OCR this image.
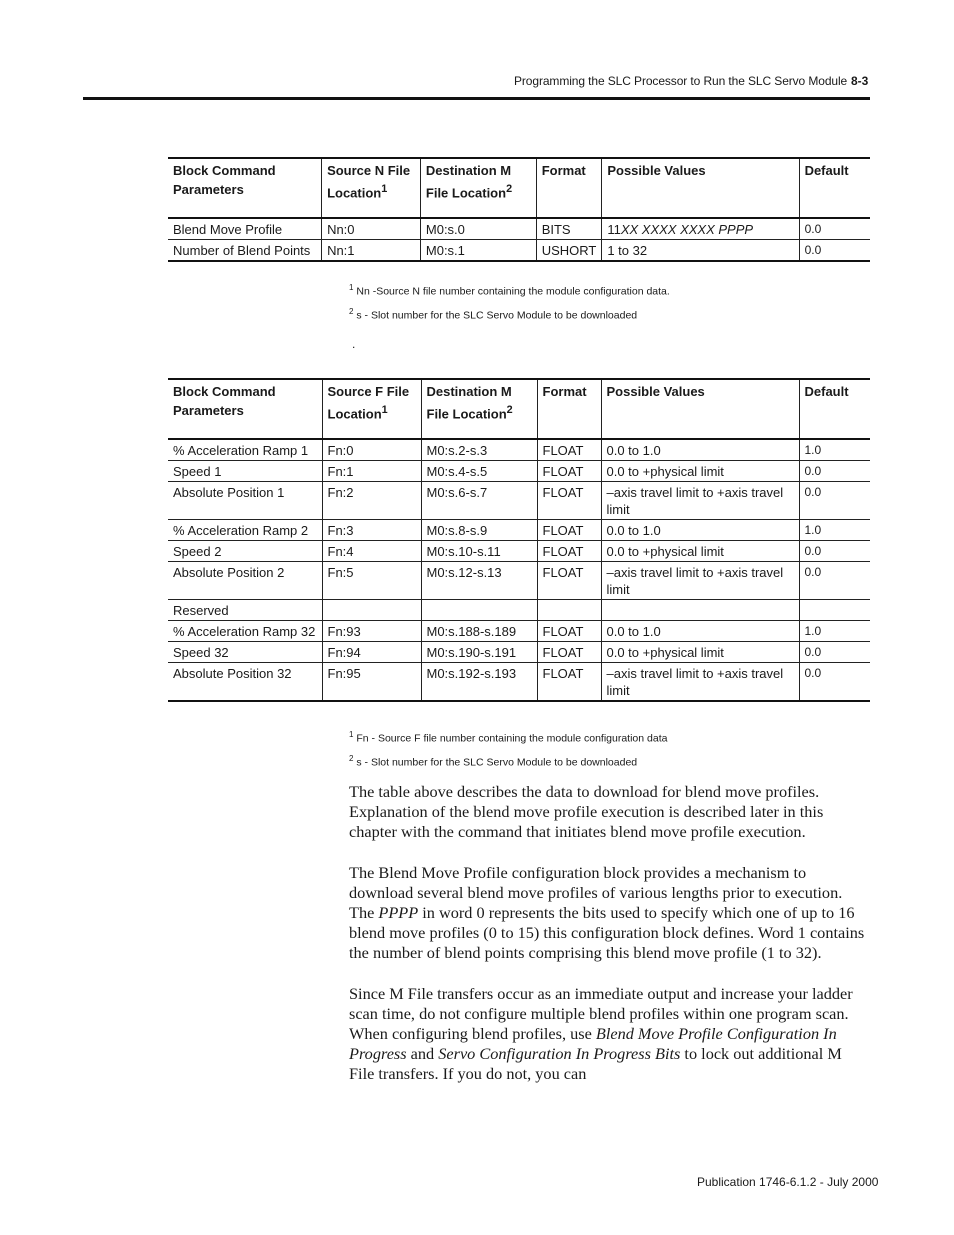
Programming the SLC Processor to Run the SLC Servo Module 8-3
Block Command Parameters	Source N File Location$^1$	Destination M File Location$^2$	Format	Possible Values	Default
Blend Move Profile	Nn:0	M0:s.0	BITS	11XX XXXX XXXX PPPP	0.0
Number of Blend Points	Nn:1	M0:s.1	USHORT	1 to 32	0.0
$^1$ Nn -Source N file number containing the module configuration data.
$^2$ s - Slot number for the SLC Servo Module to be downloaded
.
Block Command Parameters	Source F File Location$^1$	Destination M File Location$^2$	Format	Possible Values	Default
% Acceleration Ramp 1	Fn:0	M0:s.2-s.3	FLOAT	0.0 to 1.0	1.0
Speed 1	Fn:1	M0:s.4-s.5	FLOAT	0.0 to +physical limit	0.0
Absolute Position 1	Fn:2	M0:s.6-s.7	FLOAT	–axis travel limit to +axis travel limit	0.0
% Acceleration Ramp 2	Fn:3	M0:s.8-s.9	FLOAT	0.0 to 1.0	1.0
Speed 2	Fn:4	M0:s.10-s.11	FLOAT	0.0 to +physical limit	0.0
Absolute Position 2	Fn:5	M0:s.12-s.13	FLOAT	–axis travel limit to +axis travel limit	0.0
Reserved					
% Acceleration Ramp 32	Fn:93	M0:s.188-s.189	FLOAT	0.0 to 1.0	1.0
Speed 32	Fn:94	M0:s.190-s.191	FLOAT	0.0 to +physical limit	0.0
Absolute Position 32	Fn:95	M0:s.192-s.193	FLOAT	–axis travel limit to +axis travel limit	0.0
$^1$ Fn - Source F file number containing the module configuration data
$^2$ s - Slot number for the SLC Servo Module to be downloaded

The table above describes the data to download for blend move profiles. Explanation of the blend move profile execution is described later in this chapter with the command that initiates blend move profile execution.

The Blend Move Profile configuration block provides a mechanism to download several blend move profiles of various lengths prior to execution. The PPPP in word 0 represents the bits used to specify which one of up to 16 blend move profiles (0 to 15) this configuration block defines. Word 1 contains the number of blend points comprising this blend move profile (1 to 32).

Since M File transfers occur as an immediate output and increase your ladder scan time, do not configure multiple blend profiles within one program scan. When configuring blend profiles, use Blend Move Profile Configuration In Progress and Servo Configuration In Progress Bits to lock out additional M File transfers. If you do not, you can

Publication 1746-6.1.2 - July 2000
